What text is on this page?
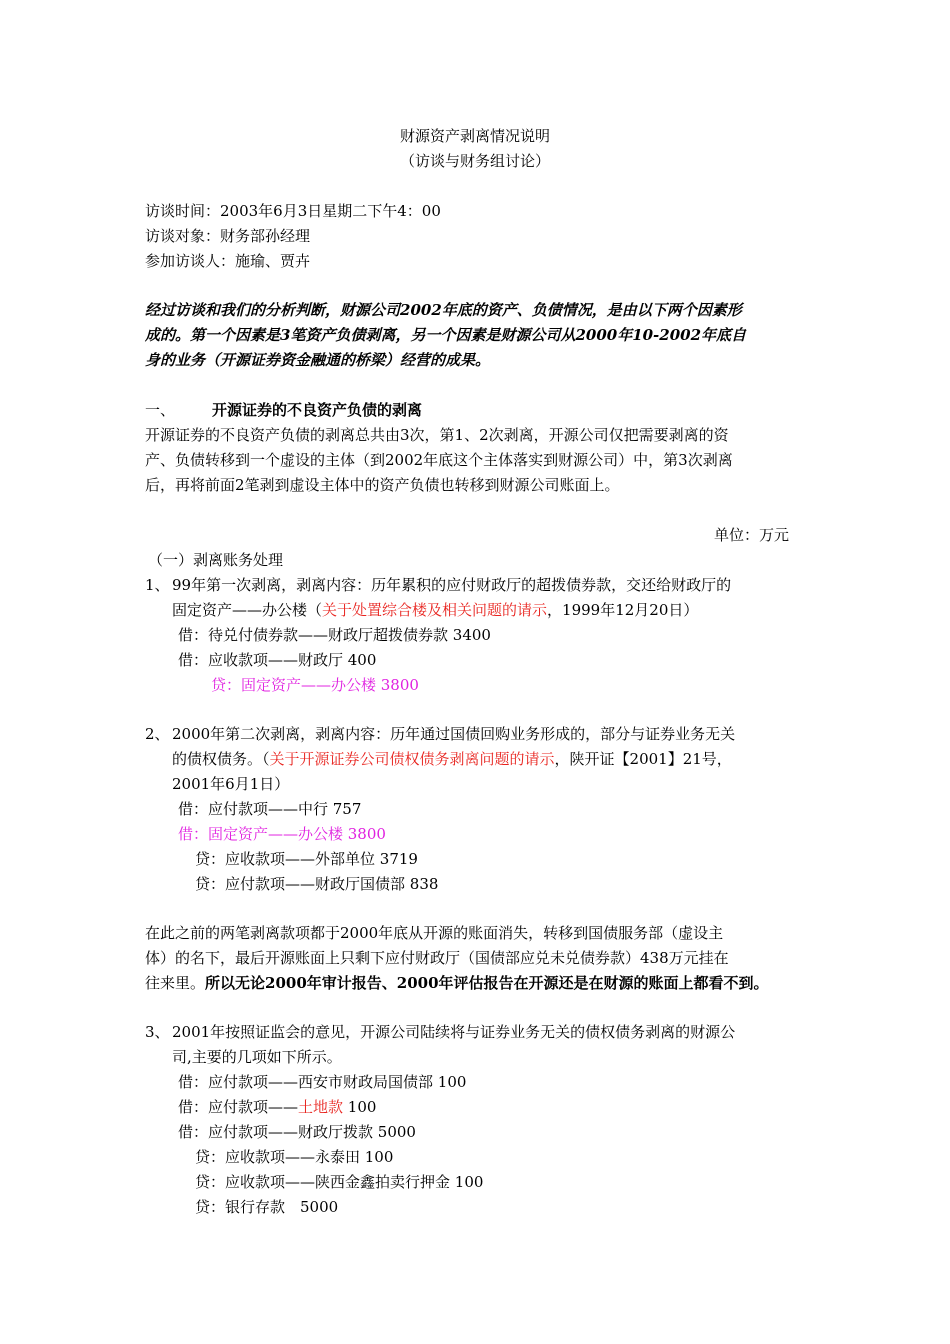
财源资产剥离情况说明
（访谈与财务组讨论）
访谈时间：2003年6月3日星期二下午4：00
访谈对象：财务部孙经理
参加访谈人：施瑜、贾卉
经过访谈和我们的分析判断，财源公司2002年底的资产、负债情况，是由以下两个因素形
成的。第一个因素是3笔资产负债剥离，另一个因素是财源公司从2000年10-2002年底自
身的业务（开源证券资金融通的桥梁）经营的成果。
一、 开源证券的不良资产负债的剥离
开源证券的不良资产负债的剥离总共由3次，第1、2次剥离，开源公司仅把需要剥离的资
产、负债转移到一个虚设的主体（到2002年底这个主体落实到财源公司）中，第3次剥离
后，再将前面2笔剥到虚设主体中的资产负债也转移到财源公司账面上。
单位：万元
（一）剥离账务处理
1、 99年第一次剥离，剥离内容：历年累积的应付财政厅的超拨债券款，交还给财政厅的
固定资产——办公楼（关于处置综合楼及相关问题的请示，1999年12月20日）
借：待兑付债券款——财政厅超拨债券款 3400
借：应收款项——财政厅 400
贷：固定资产——办公楼 3800
2、 2000年第二次剥离，剥离内容：历年通过国债回购业务形成的，部分与证券业务无关
的债权债务。（关于开源证券公司债权债务剥离问题的请示，陕开证【2001】21号，
2001年6月1日）
借：应付款项——中行 757
借：固定资产——办公楼 3800
贷：应收款项——外部单位 3719
贷：应付款项——财政厅国债部 838
在此之前的两笔剥离款项都于2000年底从开源的账面消失，转移到国债服务部（虚设主
体）的名下，最后开源账面上只剩下应付财政厅（国债部应兑未兑债券款）438万元挂在
往来里。所以无论2000年审计报告、2000年评估报告在开源还是在财源的账面上都看不到。
3、 2001年按照证监会的意见，开源公司陆续将与证券业务无关的债权债务剥离的财源公
司,主要的几项如下所示。
借：应付款项——西安市财政局国债部 100
借：应付款项——土地款 100
借：应付款项——财政厅拨款 5000
贷：应收款项——永泰田 100
贷：应收款项——陕西金鑫拍卖行押金 100
贷：银行存款　5000
